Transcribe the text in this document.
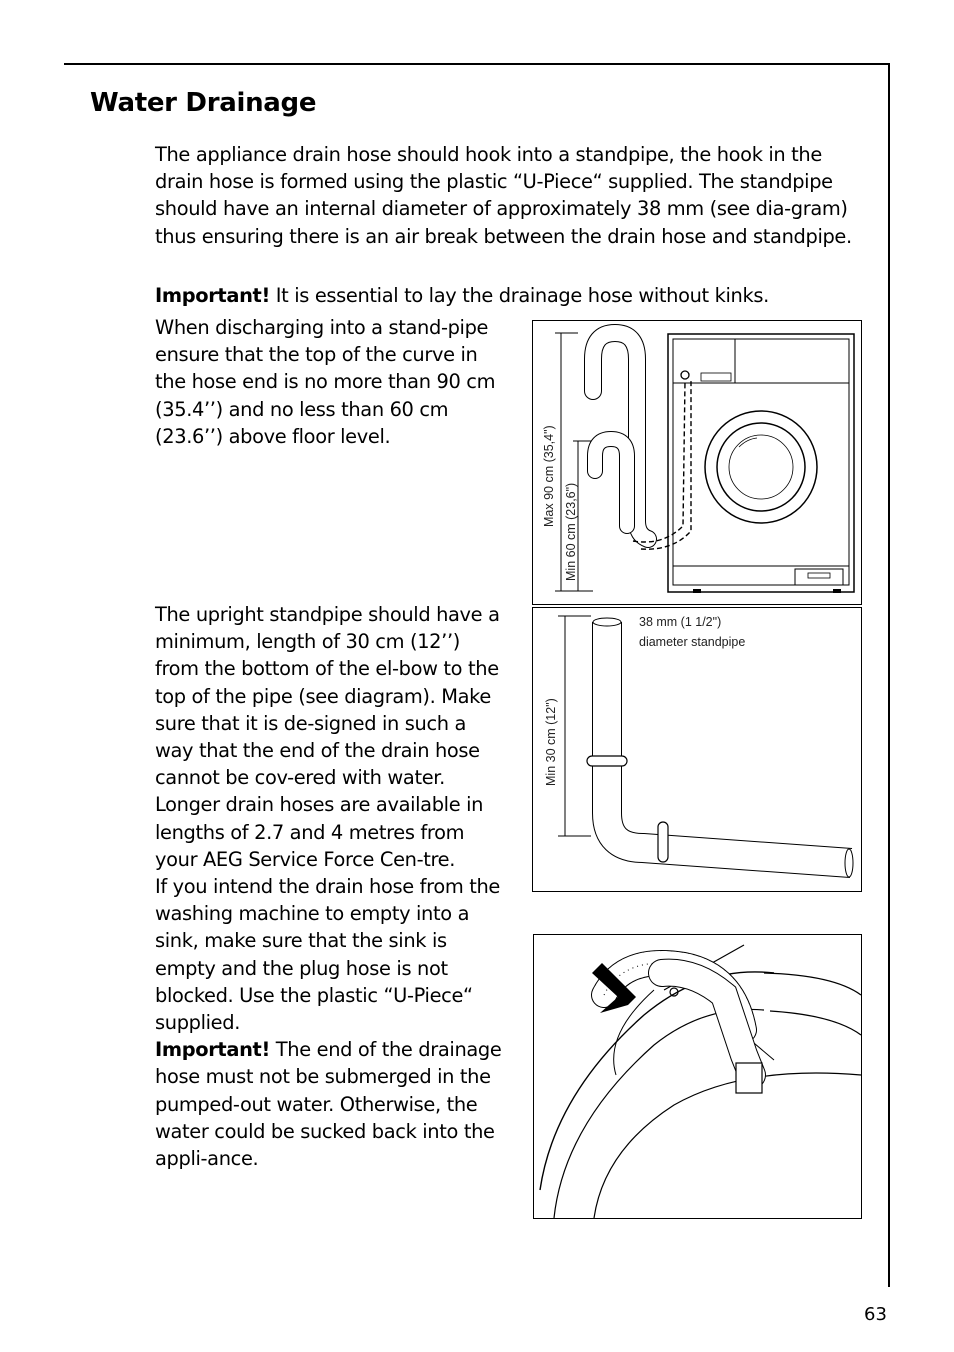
Water Drainage

The appliance drain hose should hook into a standpipe, the hook in the drain hose is formed using the plastic “U-Piece“ supplied. The standpipe should have an internal diameter of approximately 38 mm (see dia-gram) thus ensuring there is an air break between the drain hose and standpipe.

Important! It is essential to lay the drainage hose without kinks.

When discharging into a stand-pipe ensure that the top of the curve in the hose end is no more than 90 cm (35.4’’) and no less than 60 cm (23.6’’) above floor level.

The upright standpipe should have a minimum, length of 30 cm (12’’) from the bottom of the el-bow to the top of the pipe (see diagram). Make sure that it is de-signed in such a way that the end of the drain hose cannot be cov-ered with water.

Longer drain hoses are available in lengths of 2.7 and 4 metres from your AEG Service Force Cen-tre.

If you intend the drain hose from the washing machine to empty into a sink, make sure that the sink is empty and the plug hose is not blocked. Use the plastic “U-Piece“ supplied.

Important! The end of the drainage hose must not be submerged in the pumped-out water. Otherwise, the water could be sucked back into the appli-ance.

Max 90 cm (35,4")
Min 60 cm (23,6")
Min 30 cm (12")
38 mm (1 1/2")
diameter standpipe
63
